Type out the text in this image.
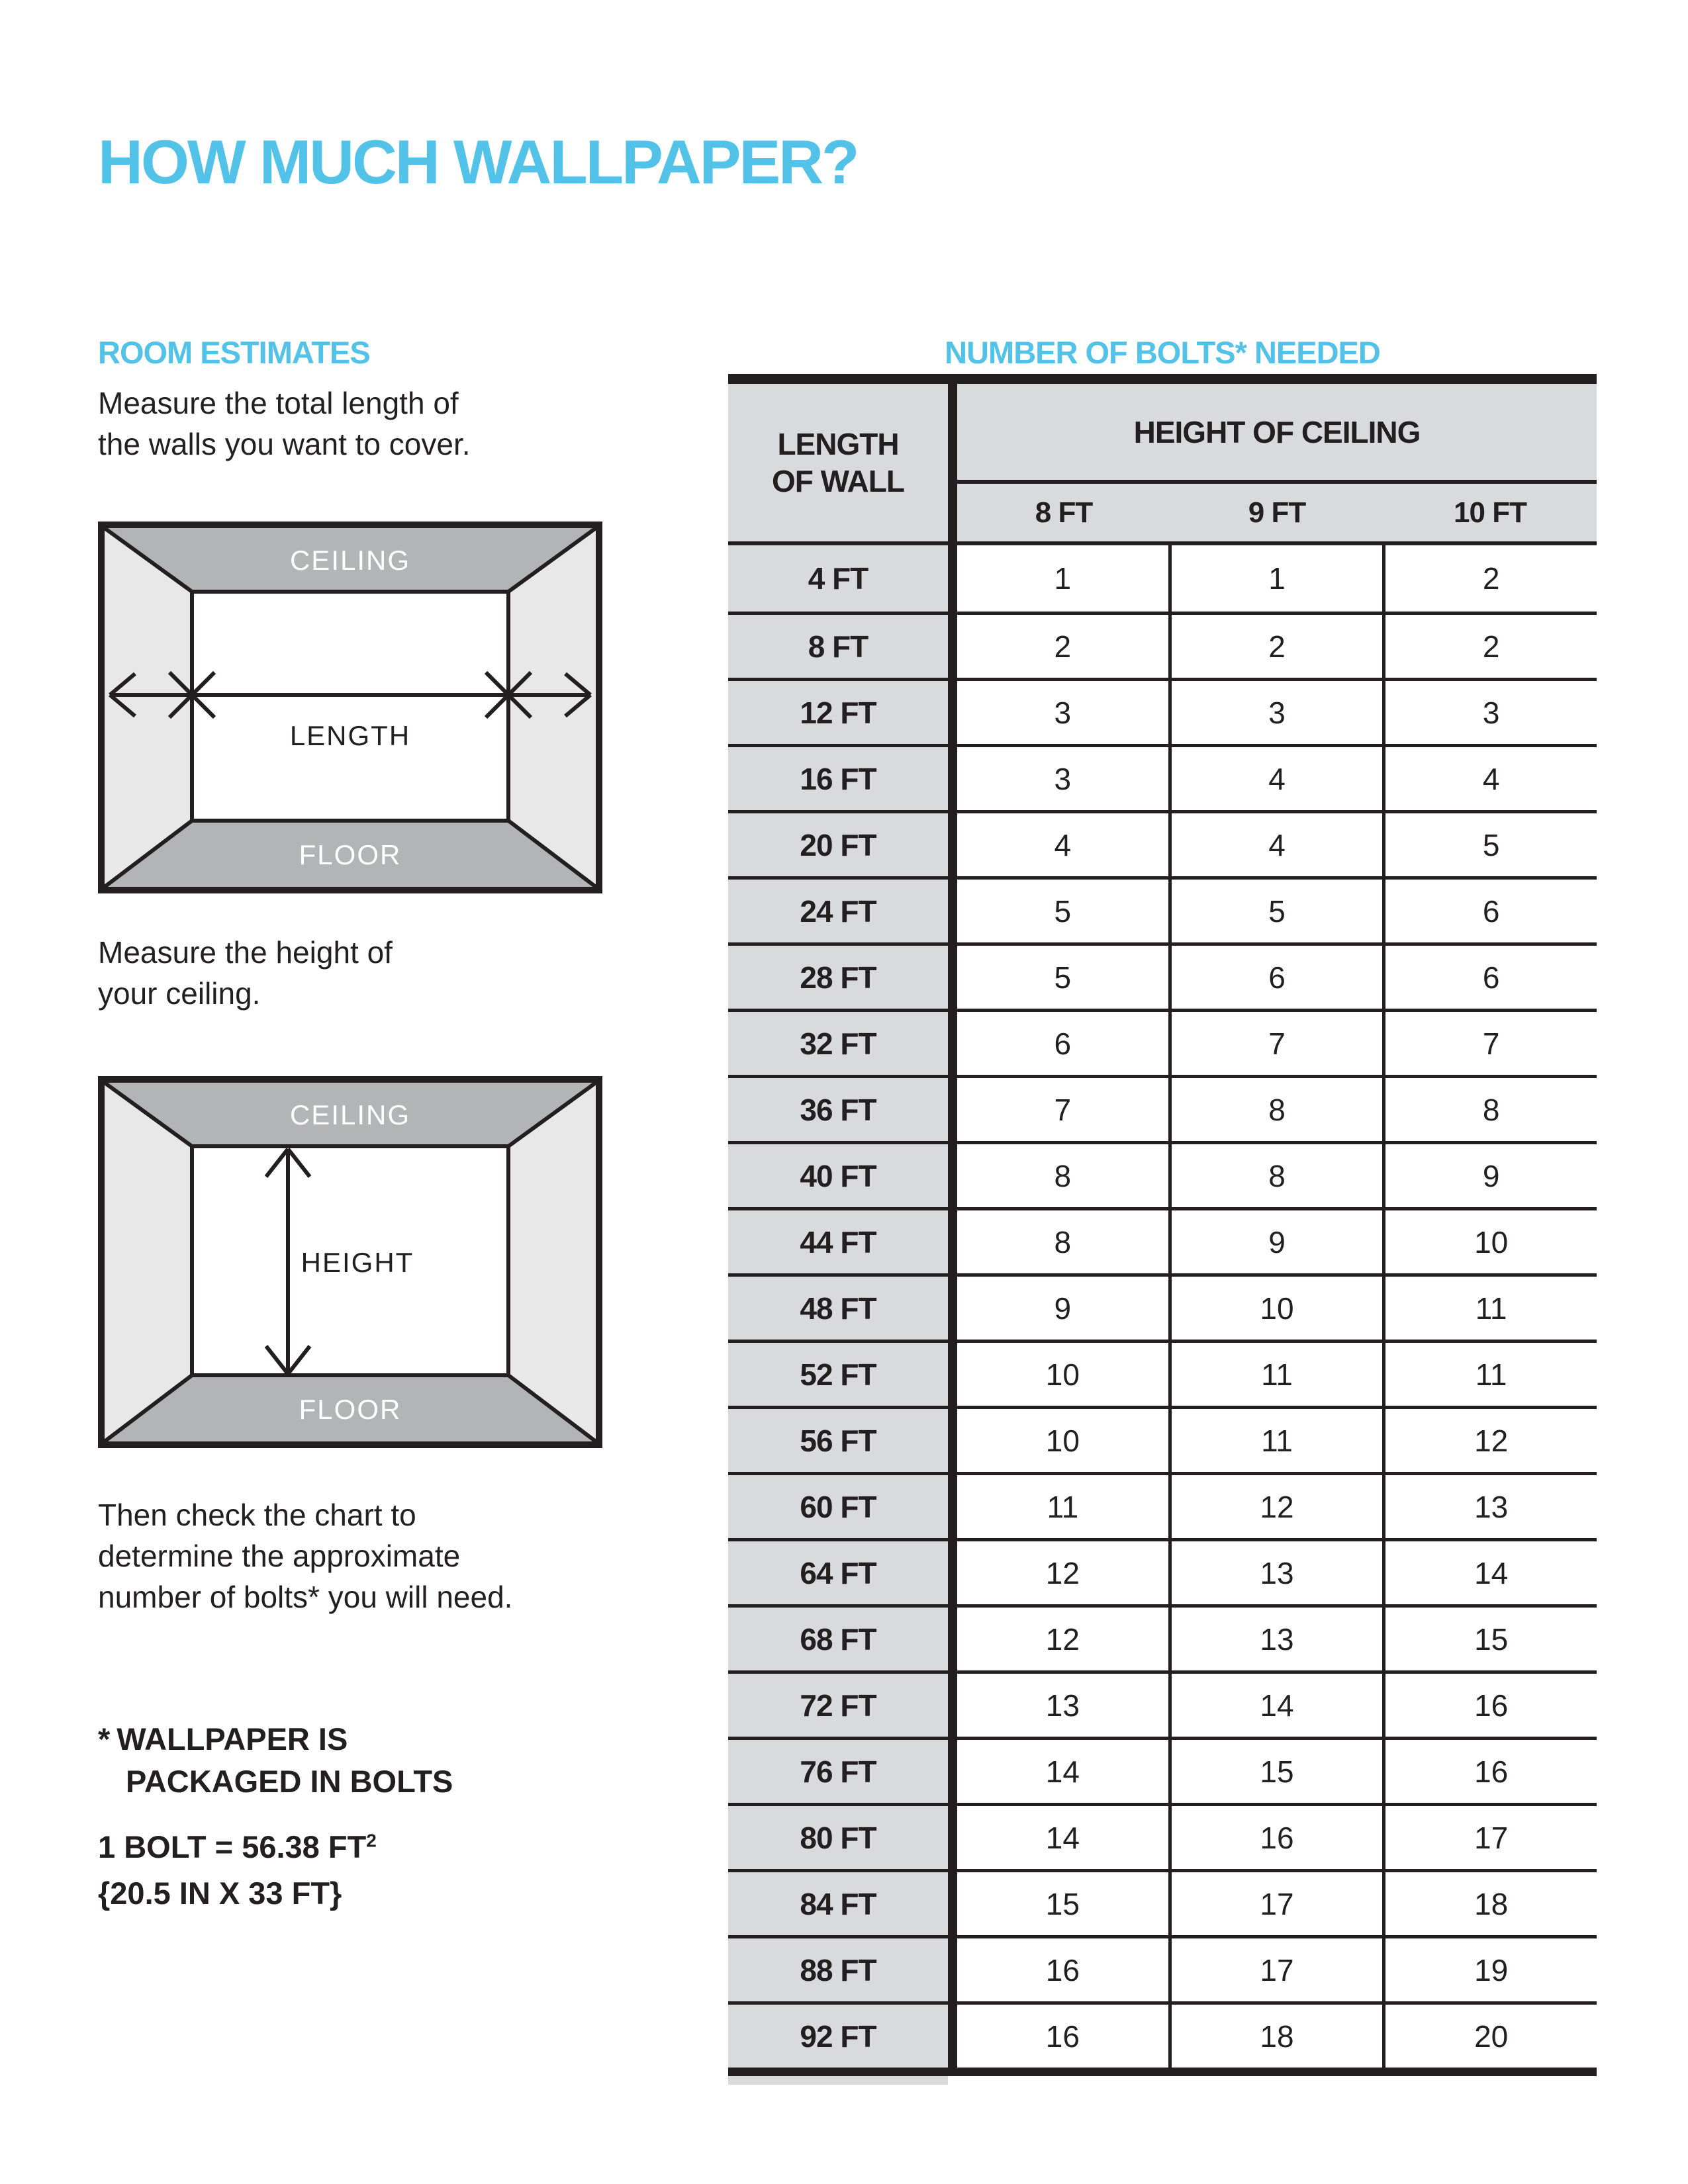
HOW MUCH WALLPAPER?
ROOM ESTIMATES
Measure the total length of
the walls you want to cover.
CEILING
FLOOR
LENGTH
Measure the height of
your ceiling.
CEILING
FLOOR
HEIGHT
Then check the chart to
determine the approximate
number of bolts* you will need.
* WALLPAPER IS
PACKAGED IN BOLTS
1 BOLT = 56.38 $FT^2$
{20.5 IN X 33 FT}
NUMBER OF BOLTS* NEEDED
LENGTH
OF WALL
HEIGHT OF CEILING
8 FT	9 FT	10 FT
4 FT	1	1	2
8 FT	2	2	2
12 FT	3	3	3
16 FT	3	4	4
20 FT	4	4	5
24 FT	5	5	6
28 FT	5	6	6
32 FT	6	7	7
36 FT	7	8	8
40 FT	8	8	9
44 FT	8	9	10
48 FT	9	10	11
52 FT	10	11	11
56 FT	10	11	12
60 FT	11	12	13
64 FT	12	13	14
68 FT	12	13	15
72 FT	13	14	16
76 FT	14	15	16
80 FT	14	16	17
84 FT	15	17	18
88 FT	16	17	19
92 FT	16	18	20
